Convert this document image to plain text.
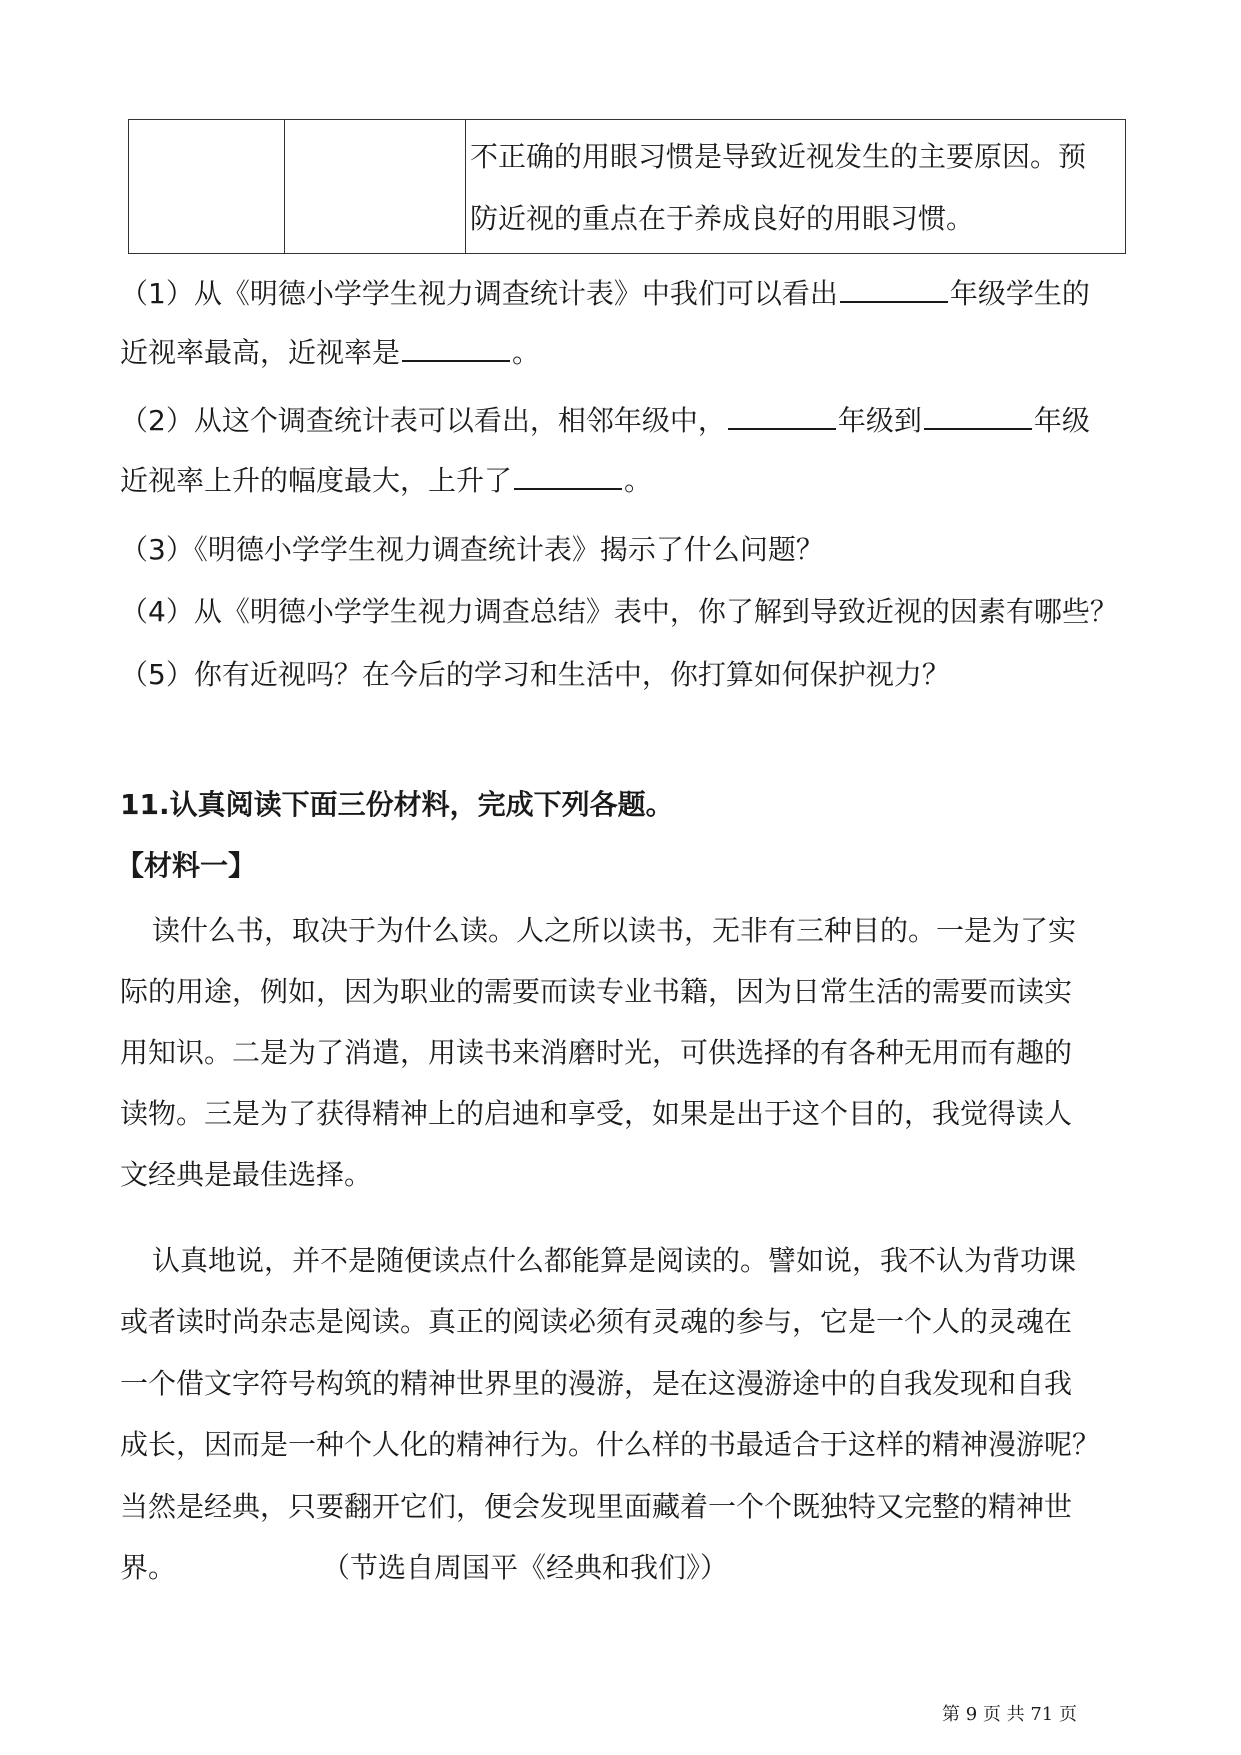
不正确的用眼习惯是导致近视发生的主要原因。预
防近视的重点在于养成良好的用眼习惯。
（1）从《明德小学学生视力调查统计表》中我们可以看出	年级学生的
近视率最高，近视率是	。
（2）从这个调查统计表可以看出，相邻年级中，	年级到	年级
近视率上升的幅度最大，上升了	。
（3）《明德小学学生视力调查统计表》揭示了什么问题？
（4）从《明德小学学生视力调查总结》表中，你了解到导致近视的因素有哪些？
（5）你有近视吗？在今后的学习和生活中，你打算如何保护视力？
11.认真阅读下面三份材料，完成下列各题。
【材料一】
读什么书，取决于为什么读。人之所以读书，无非有三种目的。一是为了实
际的用途，例如，因为职业的需要而读专业书籍，因为日常生活的需要而读实
用知识。二是为了消遣，用读书来消磨时光，可供选择的有各种无用而有趣的
读物。三是为了获得精神上的启迪和享受，如果是出于这个目的，我觉得读人
文经典是最佳选择。
认真地说，并不是随便读点什么都能算是阅读的。譬如说，我不认为背功课
或者读时尚杂志是阅读。真正的阅读必须有灵魂的参与，它是一个人的灵魂在
一个借文字符号构筑的精神世界里的漫游，是在这漫游途中的自我发现和自我
成长，因而是一种个人化的精神行为。什么样的书最适合于这样的精神漫游呢？
当然是经典，只要翻开它们，便会发现里面藏着一个个既独特又完整的精神世
界。	（节选自周国平《经典和我们》）
第 9 页 共 71 页
